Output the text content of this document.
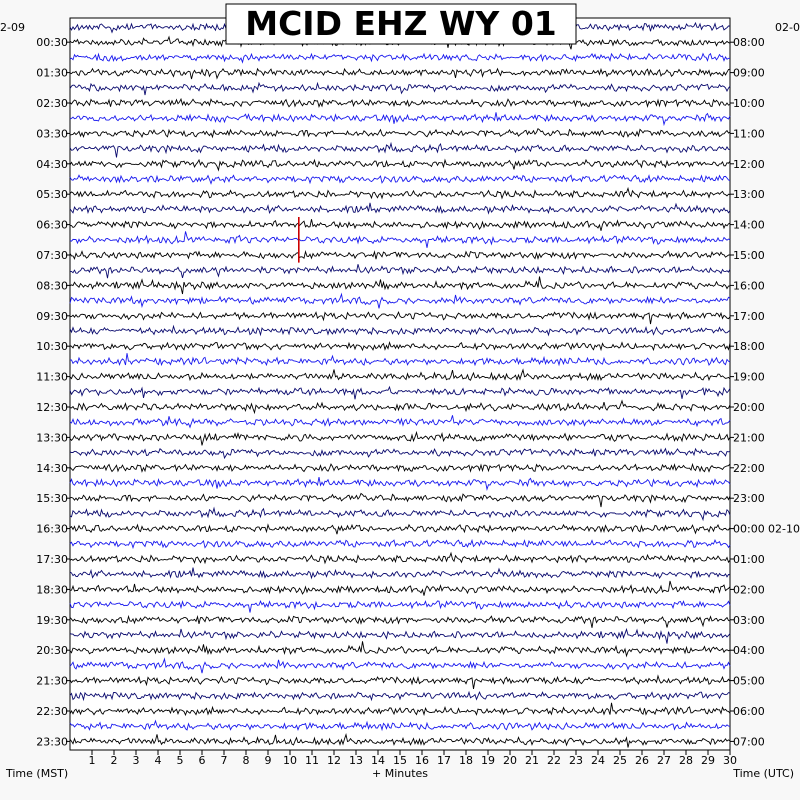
1 2 3 4 5 6 7 8 9 10 11 12 13 14 15 16 17 18 19 20 21 22 23 24 25 26 27 28 29 30
00:30
01:30
02:30
03:30
04:30
05:30
06:30
07:30
08:30
09:30
10:30
11:30
12:30
13:30
14:30
15:30
16:30
17:30
18:30
19:30
20:30
21:30
22:30
23:30
08:00
09:00
10:00
11:00
12:00
13:00
14:00
15:00
16:00
17:00
18:00
19:00
20:00
21:00
22:00
23:00
00:00 02-10
01:00
02:00
03:00
04:00
05:00
06:00
07:00
2-09	02-0
MCID EHZ WY 01
Time (MST)	+ Minutes	Time (UTC)
